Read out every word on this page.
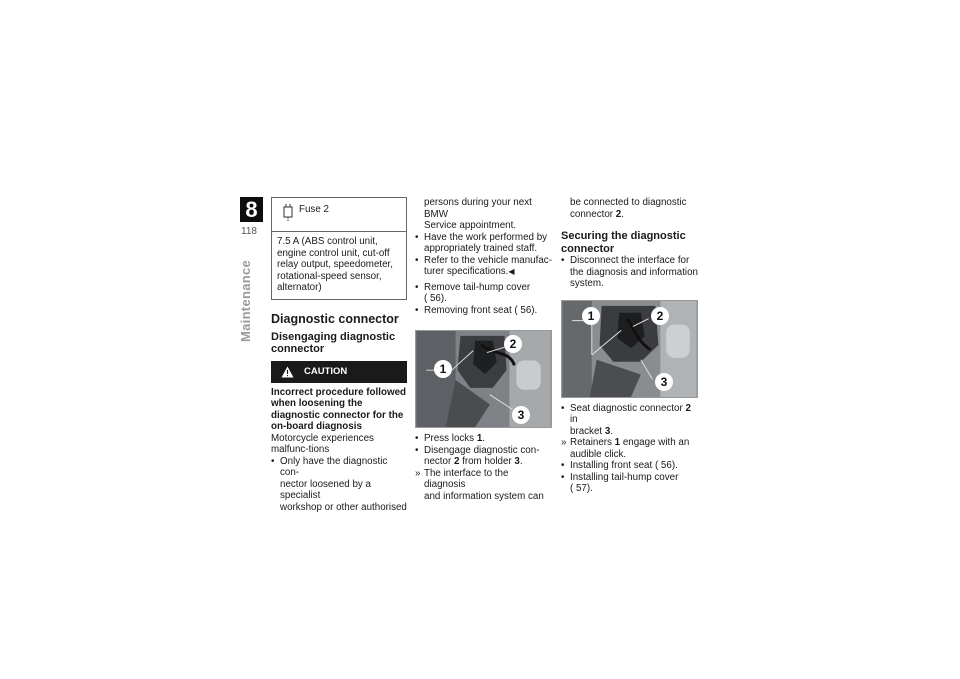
8
118
Maintenance
Fuse 2
7.5 A (ABS control unit, engine control unit, cut-off relay output, speedometer, rotational-speed sensor, alternator)
Diagnostic connector
Disengaging diagnostic connector
CAUTION
Incorrect procedure followed when loosening the diagnostic connector for the on-board diagnosis
Motorcycle experiences malfunc-tions
• Only have the diagnostic con-
nector loosened by a specialist
workshop or other authorised
persons during your next BMW
Service appointment.
• Have the work performed by
appropriately trained staff.
• Refer to the vehicle manufac-
turer specifications.◀
• Remove tail-hump cover
( 56).
• Removing front seat ( 56).
1
2
3
• Press locks 1.
• Disengage diagnostic con-
nector 2 from holder 3.
» The interface to the diagnosis
and information system can
be connected to diagnostic
connector 2.
Securing the diagnostic connector
• Disconnect the interface for
the diagnosis and information
system.
1	2
3
• Seat diagnostic connector 2 in
bracket 3.
» Retainers 1 engage with an
audible click.
• Installing front seat ( 56).
• Installing tail-hump cover
( 57).
